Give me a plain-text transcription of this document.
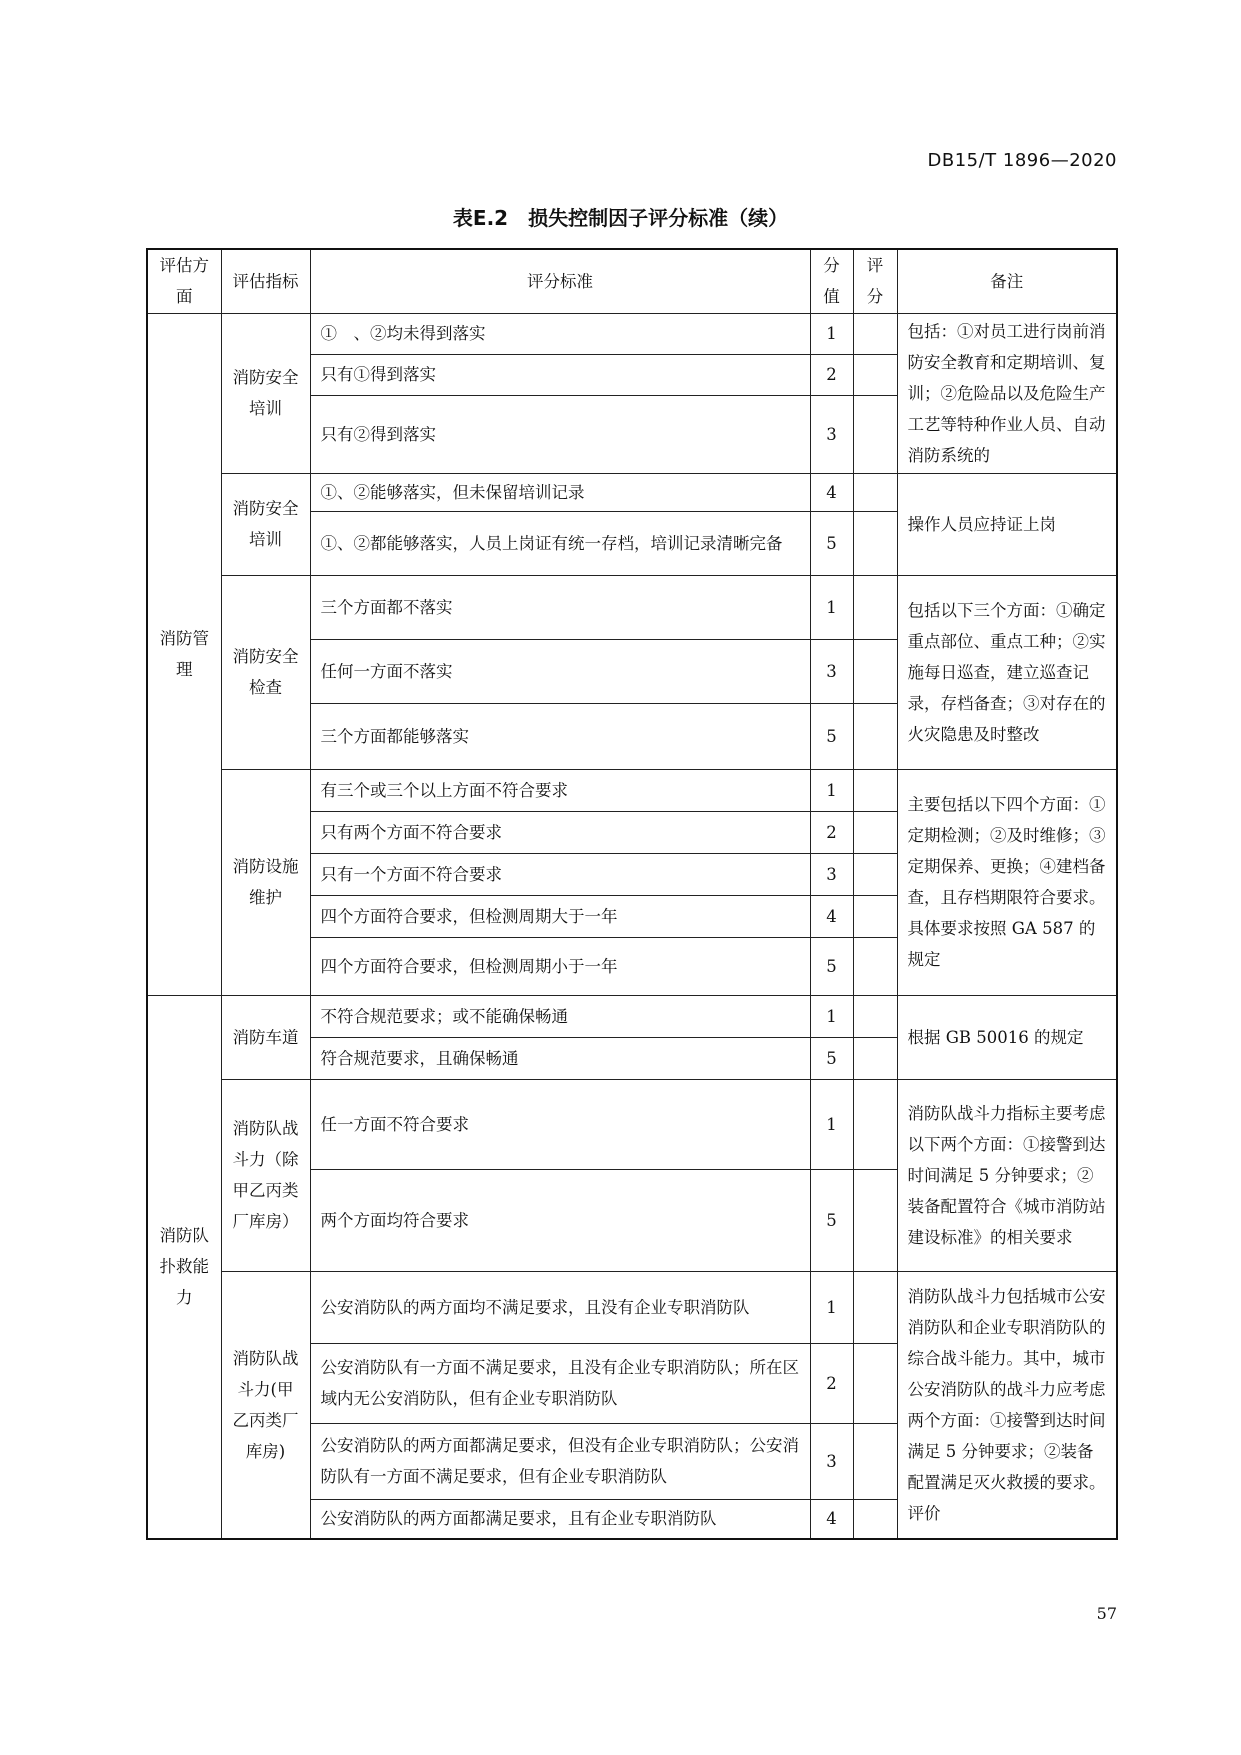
DB15/T 1896—2020
表E.2　损失控制因子评分标准（续）
评估方面	评估指标	评分标准	分值	评分	备注
消防管理	消防安全培训	①　、②均未得到落实	1		包括：①对员工进行岗前消防安全教育和定期培训、复训；②危险品以及危险生产工艺等特种作业人员、自动消防系统的
		只有①得到落实	2		
		只有②得到落实	3		
	消防安全培训	①、②能够落实，但未保留培训记录	4		操作人员应持证上岗
		①、②都能够落实，人员上岗证有统一存档，培训记录清晰完备	5		
	消防安全检查	三个方面都不落实	1		包括以下三个方面：①确定重点部位、重点工种；②实施每日巡查，建立巡查记录，存档备查；③对存在的火灾隐患及时整改
		任何一方面不落实	3		
		三个方面都能够落实	5		
	消防设施维护	有三个或三个以上方面不符合要求	1		主要包括以下四个方面：①定期检测；②及时维修；③定期保养、更换；④建档备查，且存档期限符合要求。具体要求按照 GA 587 的规定
		只有两个方面不符合要求	2		
		只有一个方面不符合要求	3		
		四个方面符合要求，但检测周期大于一年	4		
		四个方面符合要求，但检测周期小于一年	5		
消防队扑救能力	消防车道	不符合规范要求；或不能确保畅通	1		根据 GB 50016 的规定
		符合规范要求，且确保畅通	5		
	消防队战斗力（除甲乙丙类厂库房）	任一方面不符合要求	1		消防队战斗力指标主要考虑以下两个方面：①接警到达时间满足 5 分钟要求；②装备配置符合《城市消防站建设标准》的相关要求
		两个方面均符合要求	5		
	消防队战斗力(甲乙丙类厂库房)	公安消防队的两方面均不满足要求，且没有企业专职消防队	1		消防队战斗力包括城市公安消防队和企业专职消防队的综合战斗能力。其中，城市公安消防队的战斗力应考虑两个方面：①接警到达时间满足 5 分钟要求；②装备配置满足灭火救援的要求。评价
		公安消防队有一方面不满足要求，且没有企业专职消防队；所在区域内无公安消防队，但有企业专职消防队	2		
		公安消防队的两方面都满足要求，但没有企业专职消防队；公安消防队有一方面不满足要求，但有企业专职消防队	3		
		公安消防队的两方面都满足要求，且有企业专职消防队	4		
57
